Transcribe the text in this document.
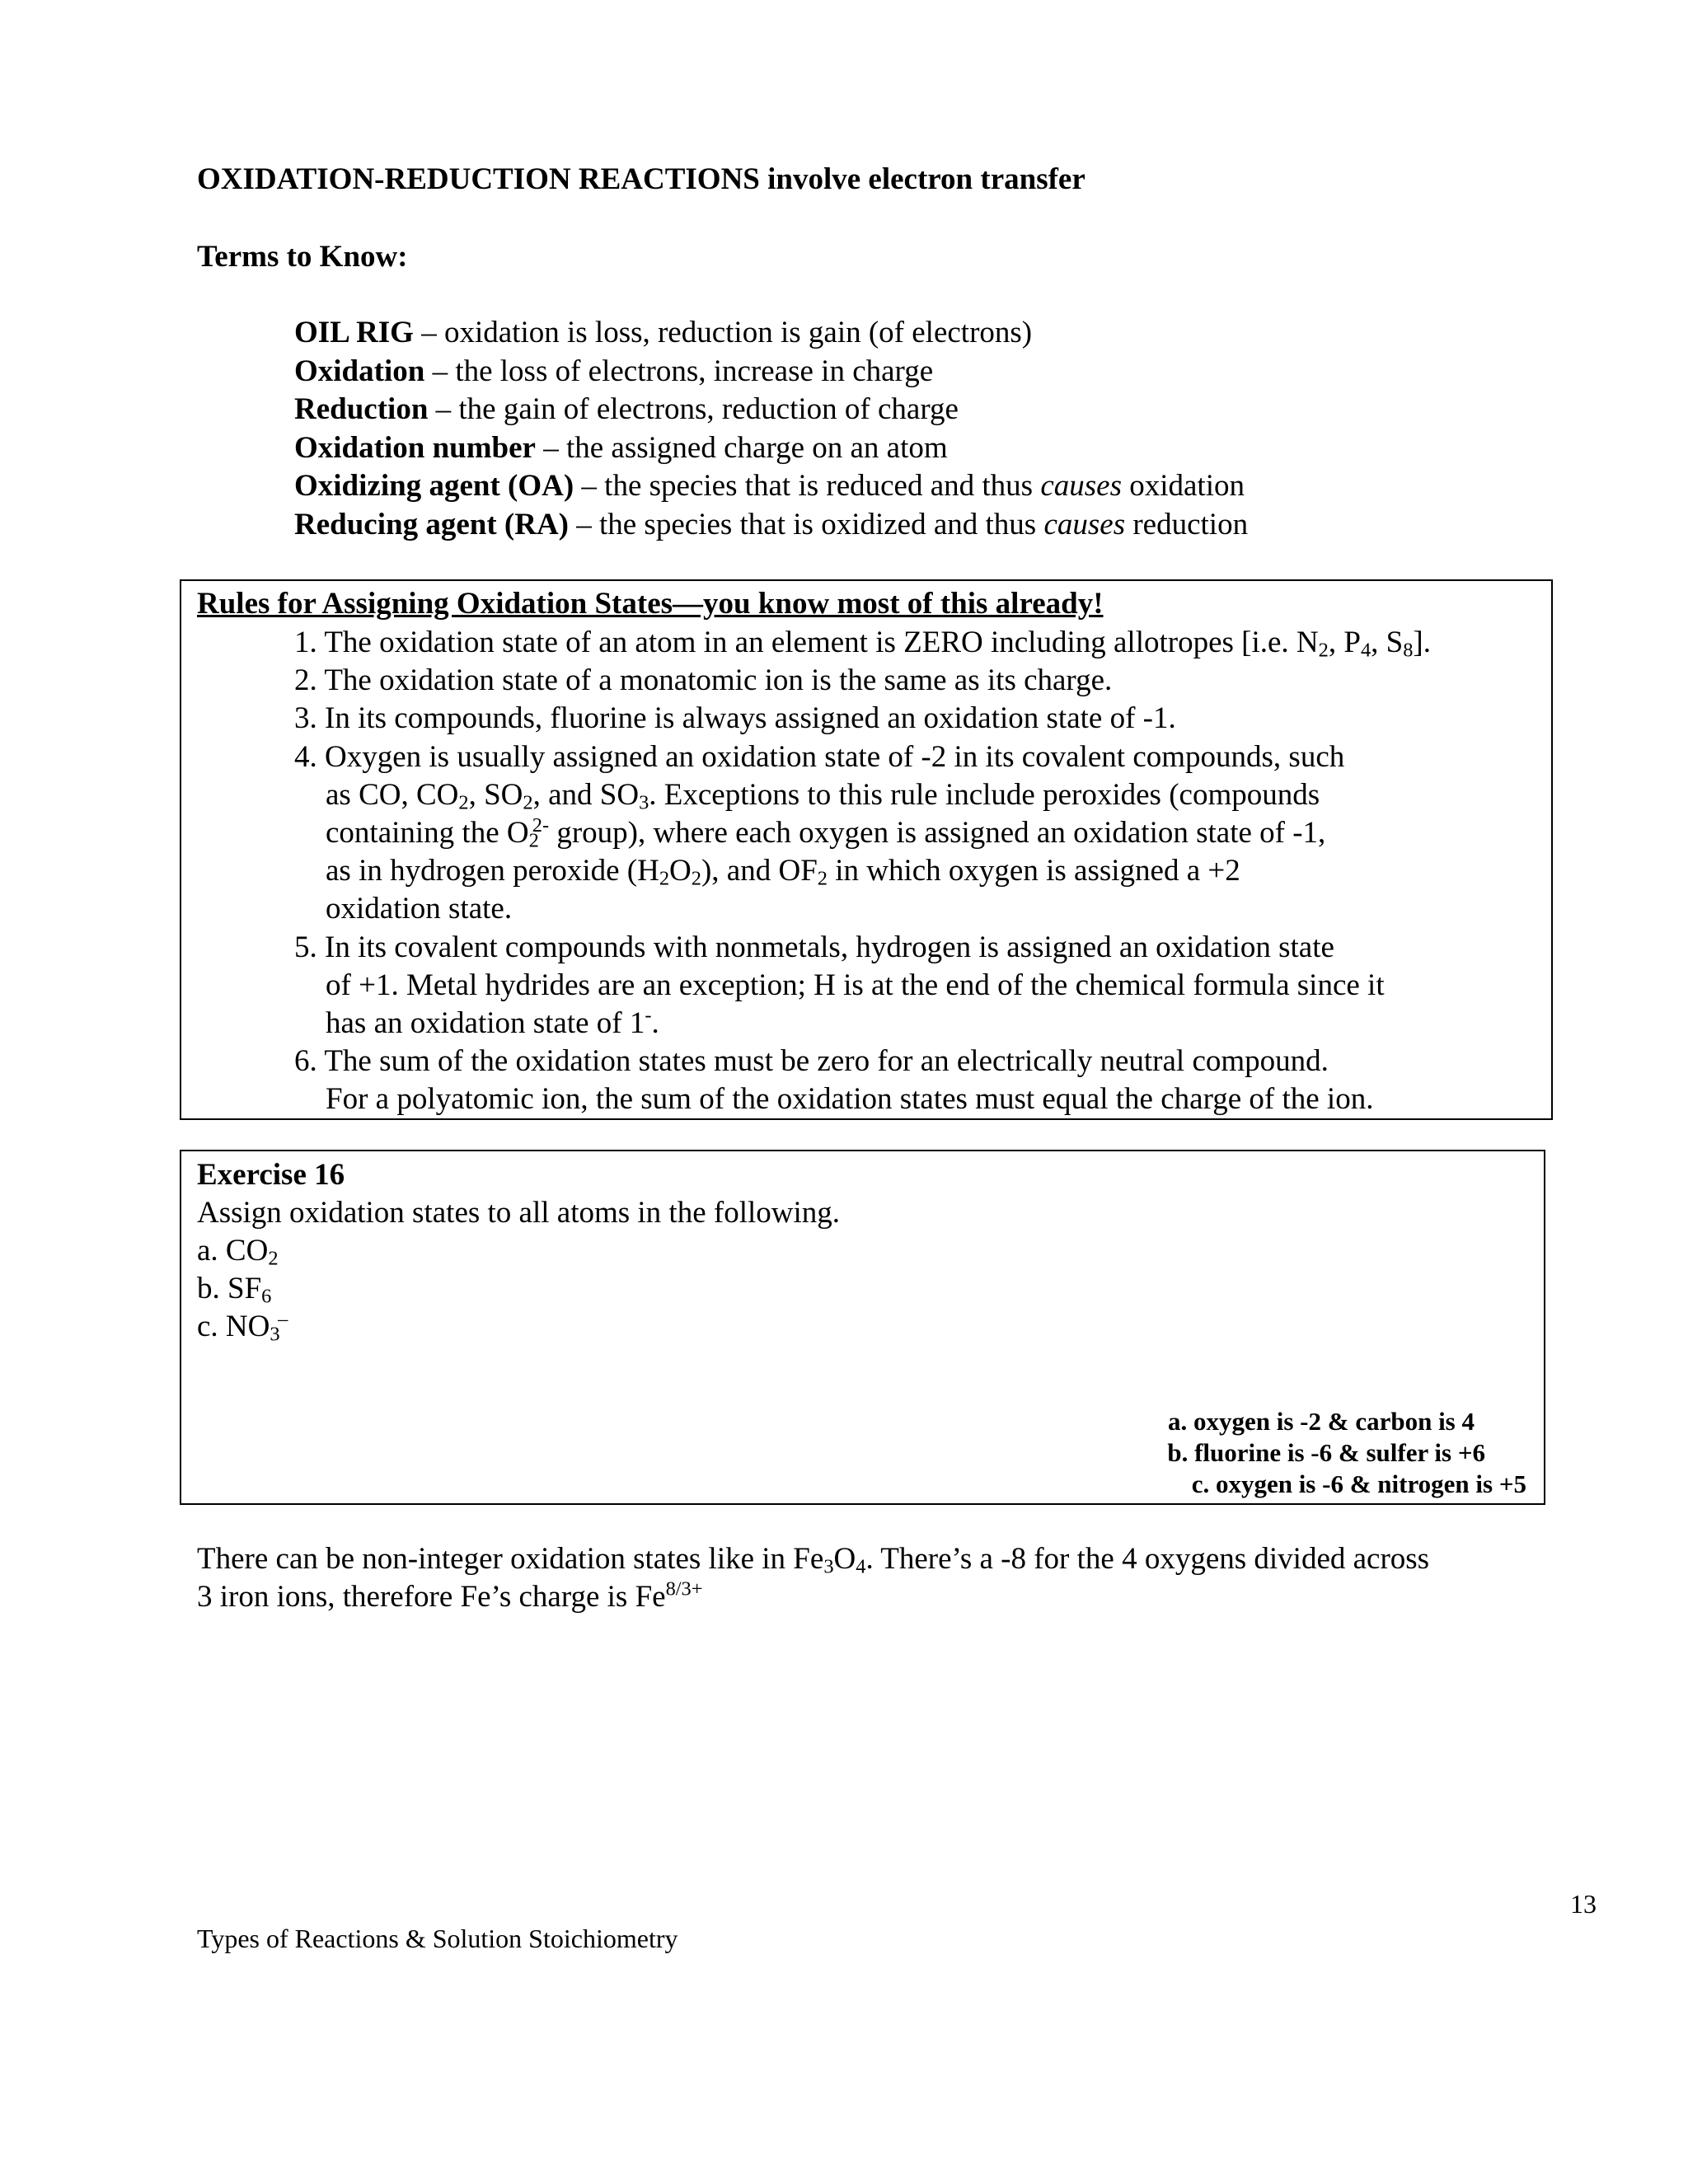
OXIDATION-REDUCTION REACTIONS involve electron transfer
Terms to Know:
OIL RIG – oxidation is loss, reduction is gain (of electrons)
Oxidation – the loss of electrons, increase in charge
Reduction – the gain of electrons, reduction of charge
Oxidation number – the assigned charge on an atom
Oxidizing agent (OA) – the species that is reduced and thus causes oxidation
Reducing agent (RA) – the species that is oxidized and thus causes reduction
Rules for Assigning Oxidation States—you know most of this already!
1. The oxidation state of an atom in an element is ZERO including allotropes [i.e. $N_2$, $P_4$, $S_8$].
2. The oxidation state of a monatomic ion is the same as its charge.
3. In its compounds, fluorine is always assigned an oxidation state of -1.
4. Oxygen is usually assigned an oxidation state of -2 in its covalent compounds, such
as CO, $CO_2$, $SO_2$, and $SO_3$. Exceptions to this rule include peroxides (compounds
containing the $O_2^{2-}$ group), where each oxygen is assigned an oxidation state of -1,
as in hydrogen peroxide $(H_2O_2)$, and $OF_2$ in which oxygen is assigned a +2
oxidation state.
5. In its covalent compounds with nonmetals, hydrogen is assigned an oxidation state
of +1. Metal hydrides are an exception; H is at the end of the chemical formula since it
has an oxidation state of 1-.
6. The sum of the oxidation states must be zero for an electrically neutral compound.
For a polyatomic ion, the sum of the oxidation states must equal the charge of the ion.
Exercise 16
Assign oxidation states to all atoms in the following.
a. $CO_2$
b. $SF_6$
c. $NO_3^-$
a. oxygen is -2 & carbon is 4
b. fluorine is -6 & sulfer is +6
c. oxygen is -6 & nitrogen is +5
There can be non-integer oxidation states like in $Fe_3O_4$. There’s a -8 for the 4 oxygens divided across
3 iron ions, therefore Fe’s charge is $Fe^{8/3+}$
13
Types of Reactions & Solution Stoichiometry
